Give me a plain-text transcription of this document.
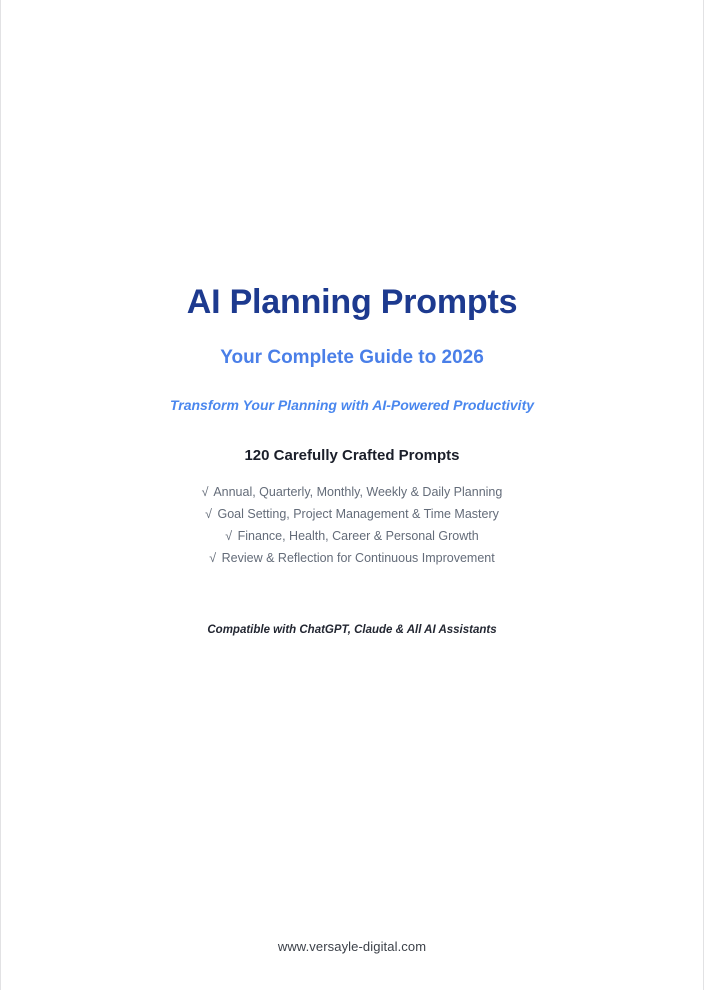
AI Planning Prompts
Your Complete Guide to 2026

Transform Your Planning with AI-Powered Productivity

120 Carefully Crafted Prompts

√ Annual, Quarterly, Monthly, Weekly & Daily Planning
√ Goal Setting, Project Management & Time Mastery
√ Finance, Health, Career & Personal Growth
√ Review & Reflection for Continuous Improvement

Compatible with ChatGPT, Claude & All AI Assistants

www.versayle-digital.com
